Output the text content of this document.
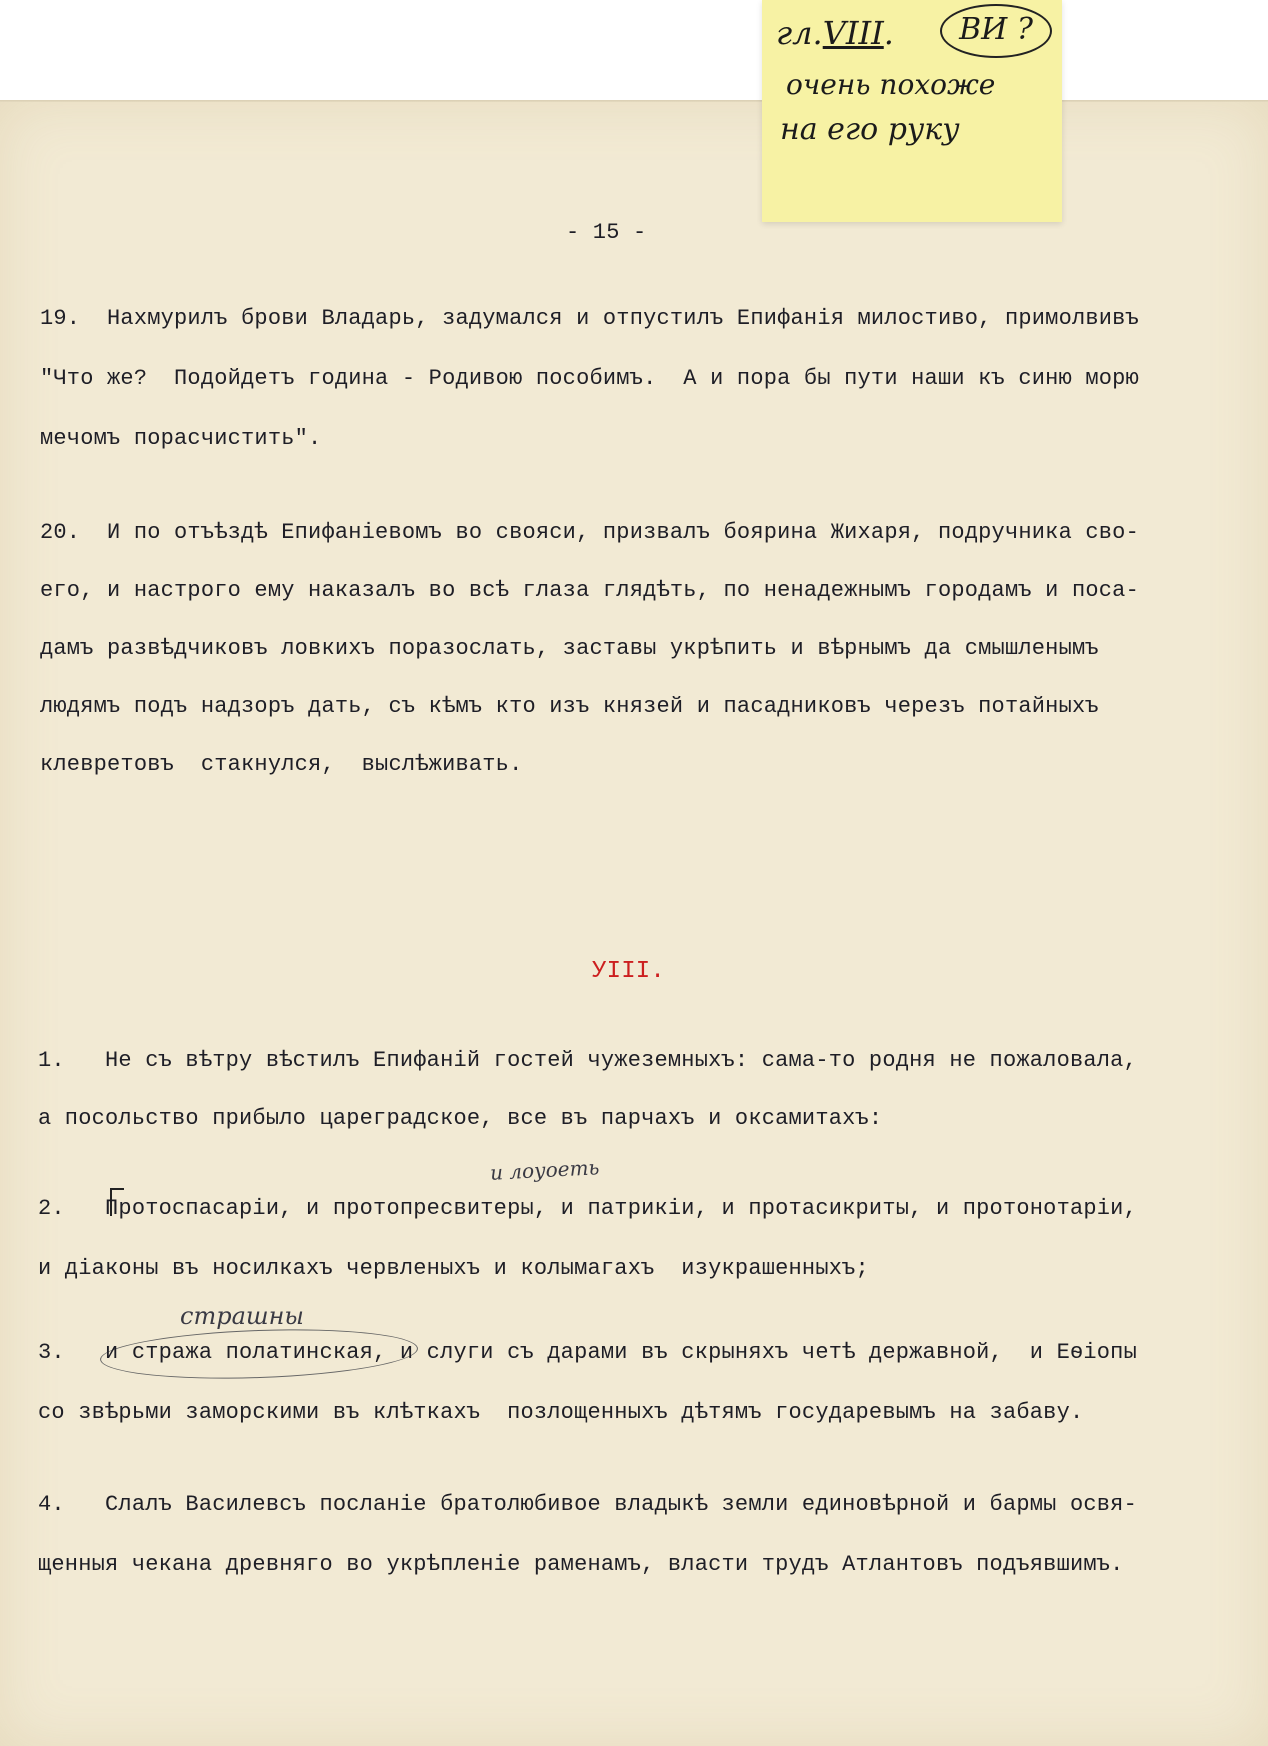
гл.VIII.	ВИ ?
очень похоже
на его руку
- 15 -
19.  Нахмурилъ брови Владарь, задумался и отпустилъ Епифанія милостиво, примолвивъ
"Что же?  Подойдетъ година - Родивою пособимъ.  А и пора бы пути наши къ синю морю
мечомъ порасчистить".
20.  И по отъѣздѣ Епифаніевомъ во свояси, призвалъ боярина Жихаря, подручника сво-
его, и настрого ему наказалъ во всѣ глаза глядѣть, по ненадежнымъ городамъ и поса-
дамъ развѣдчиковъ ловкихъ поразослать, заставы укрѣпить и вѣрнымъ да смышленымъ
людямъ подъ надзоръ дать, съ кѣмъ кто изъ князей и пасадниковъ черезъ потайныхъ
клевретовъ  стакнулся,  выслѣживать.
УIII.
1.   Не съ вѣтру вѣстилъ Епифаній гостей чужеземныхъ: сама-то родня не пожаловала,
а посольство прибыло цареградское, все въ парчахъ и оксамитахъ:
и лоуоеть
2.   Протоспасаріи, и протопресвитеры, и патрикіи, и протасикриты, и протонотаріи,
и діаконы въ носилкахъ червленыхъ и колымагахъ  изукрашенныхъ;
страшны
3.   и стража полатинская, и слуги съ дарами въ скрыняхъ четѣ державной,  и Еѳіопы
со звѣрьми заморскими въ клѣткахъ  позлощенныхъ дѣтямъ государевымъ на забаву.
4.   Слалъ Василевсъ посланіе братолюбивое владыкѣ земли единовѣрной и бармы освя-
щенныя чекана древняго во укрѣпленіе раменамъ, власти трудъ Атлантовъ подъявшимъ.
